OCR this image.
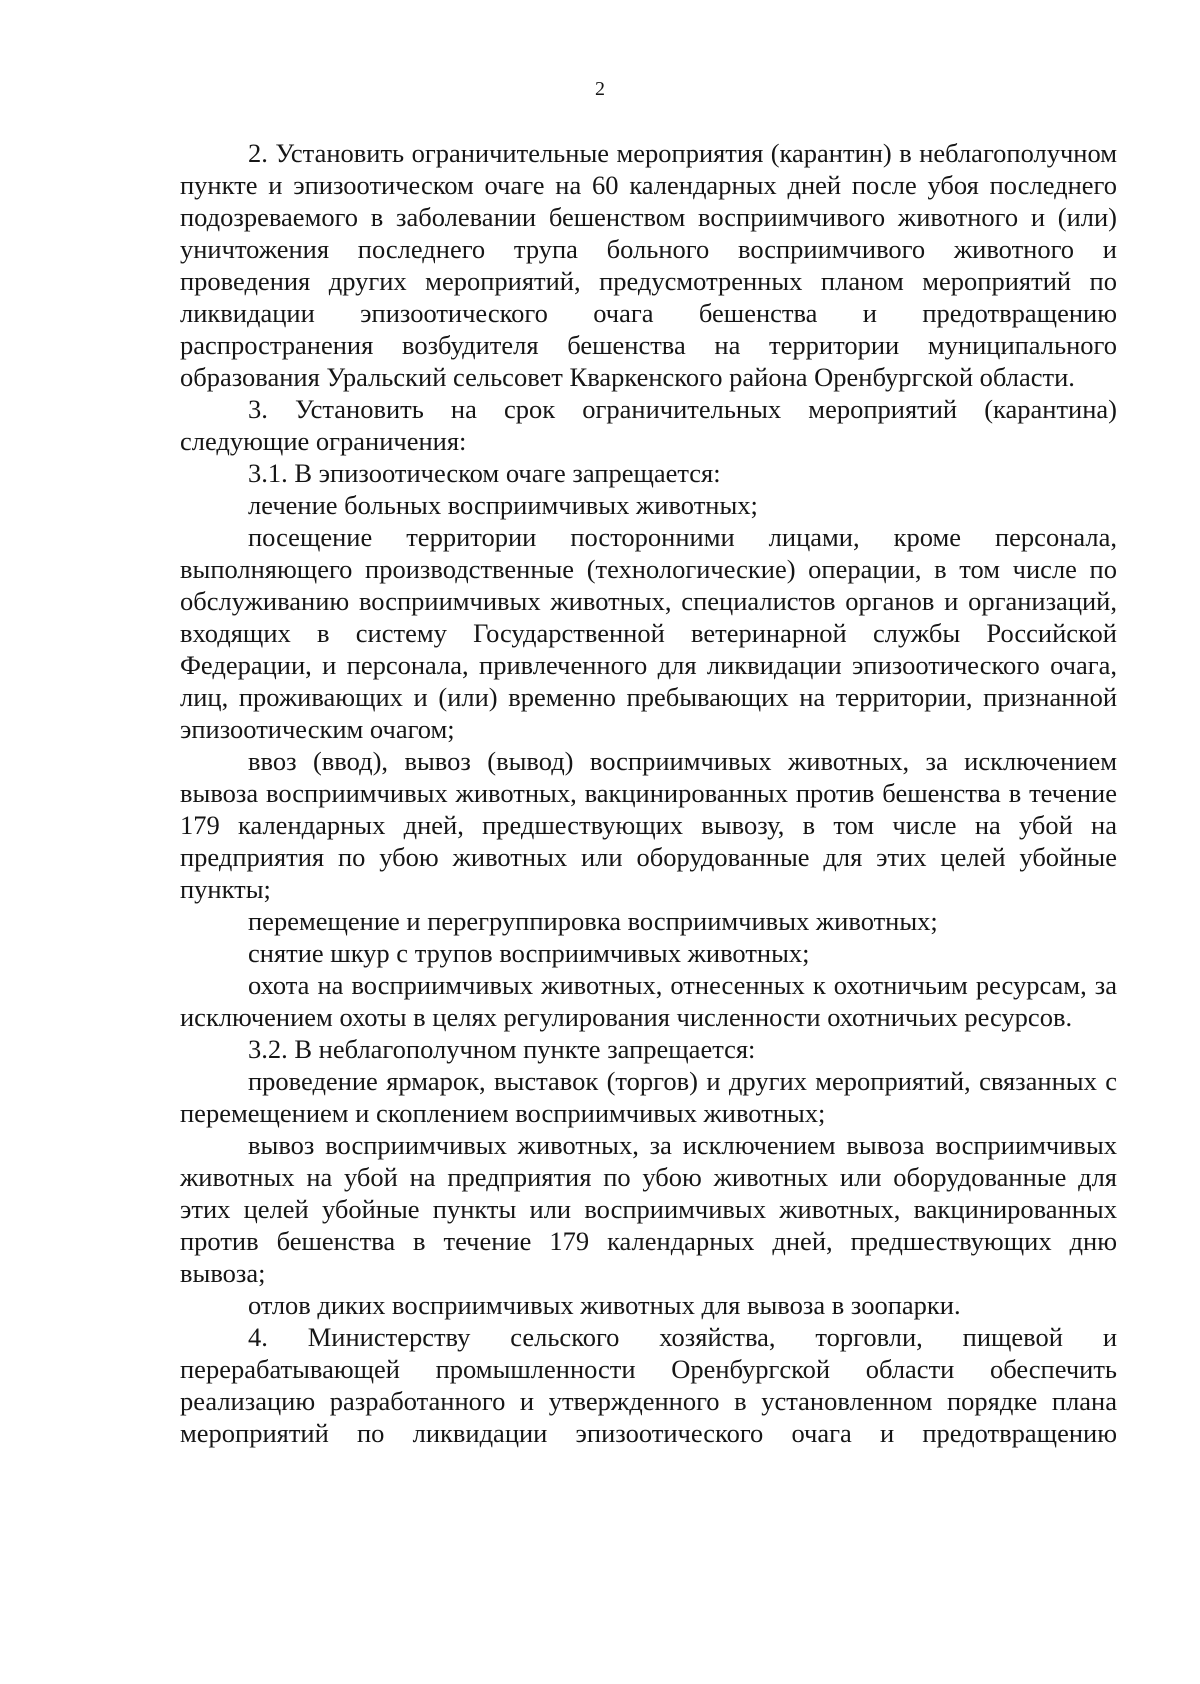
2

2. Установить ограничительные мероприятия (карантин) в неблагополучном пункте и эпизоотическом очаге на 60 календарных дней после убоя последнего подозреваемого в заболевании бешенством восприимчивого животного и (или) уничтожения последнего трупа больного восприимчивого животного и проведения других мероприятий, предусмотренных планом мероприятий по ликвидации эпизоотического очага бешенства и предотвращению распространения возбудителя бешенства на территории муниципального образования Уральский сельсовет Кваркенского района Оренбургской области.

3. Установить на срок ограничительных мероприятий (карантина) следующие ограничения:

3.1. В эпизоотическом очаге запрещается:

лечение больных восприимчивых животных;

посещение территории посторонними лицами, кроме персонала, выполняющего производственные (технологические) операции, в том числе по обслуживанию восприимчивых животных, специалистов органов и организаций, входящих в систему Государственной ветеринарной службы Российской Федерации, и персонала, привлеченного для ликвидации эпизоотического очага, лиц, проживающих и (или) временно пребывающих на территории, признанной эпизоотическим очагом;

ввоз (ввод), вывоз (вывод) восприимчивых животных, за исключением вывоза восприимчивых животных, вакцинированных против бешенства в течение 179 календарных дней, предшествующих вывозу, в том числе на убой на предприятия по убою животных или оборудованные для этих целей убойные пункты;

перемещение и перегруппировка восприимчивых животных;

снятие шкур с трупов восприимчивых животных;

охота на восприимчивых животных, отнесенных к охотничьим ресурсам, за исключением охоты в целях регулирования численности охотничьих ресурсов.

3.2. В неблагополучном пункте запрещается:

проведение ярмарок, выставок (торгов) и других мероприятий, связанных с перемещением и скоплением восприимчивых животных;

вывоз восприимчивых животных, за исключением вывоза восприимчивых животных на убой на предприятия по убою животных или оборудованные для этих целей убойные пункты или восприимчивых животных, вакцинированных против бешенства в течение 179 календарных дней, предшествующих дню вывоза;

отлов диких восприимчивых животных для вывоза в зоопарки.

4. Министерству сельского хозяйства, торговли, пищевой и перерабатывающей промышленности Оренбургской области обеспечить реализацию разработанного и утвержденного в установленном порядке плана мероприятий по ликвидации эпизоотического очага и предотвращению
